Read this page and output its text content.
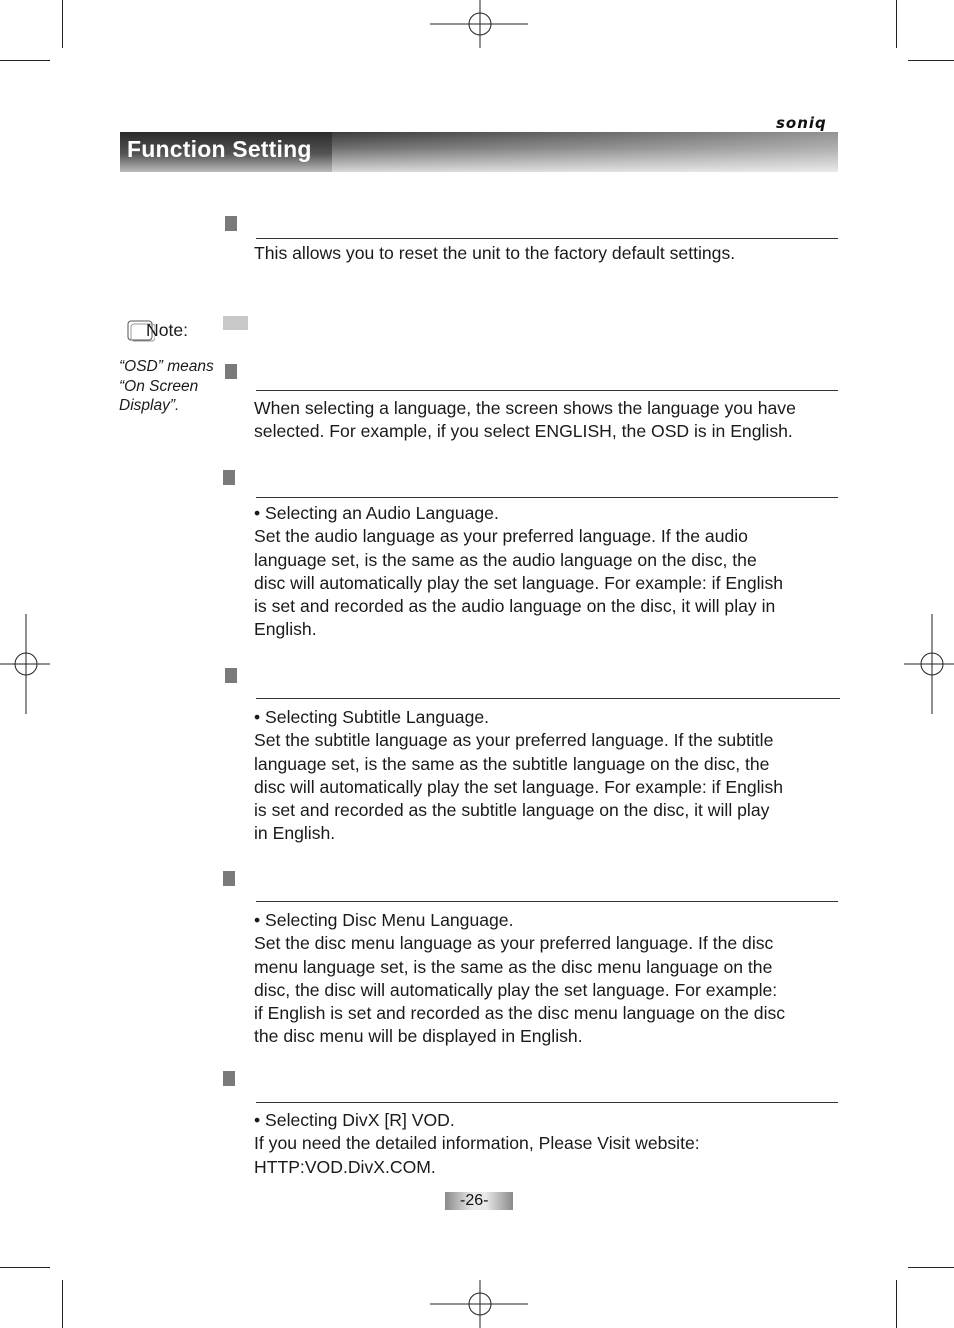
soniq
Function Setting
Note:
“OSD” means
“On Screen
Display”.
This allows you to reset the unit to the factory default settings.
When selecting a language, the screen shows the language you have
selected. For example, if you select ENGLISH, the OSD is in English.
• Selecting an Audio Language.
Set the audio language as your preferred language. If the audio
language set, is the same as the audio language on the disc, the
disc will automatically play the set language. For example: if English
is set and recorded as the audio language on the disc, it will play in
English.
• Selecting Subtitle Language.
Set the subtitle language as your preferred language. If the subtitle
language set, is the same as the subtitle language on the disc, the
disc will automatically play the set language. For example: if English
is set and recorded as the subtitle language on the disc, it will play
in English.
• Selecting Disc Menu Language.
Set the disc menu language as your preferred language. If the disc
menu language set, is the same as the disc menu language on the
disc, the disc will automatically play the set language. For example:
if English is set and recorded as the disc menu language on the disc
the disc menu will be displayed in English.
• Selecting DivX [R] VOD.
If you need the detailed information, Please Visit website:
HTTP:VOD.DivX.COM.
-26-
